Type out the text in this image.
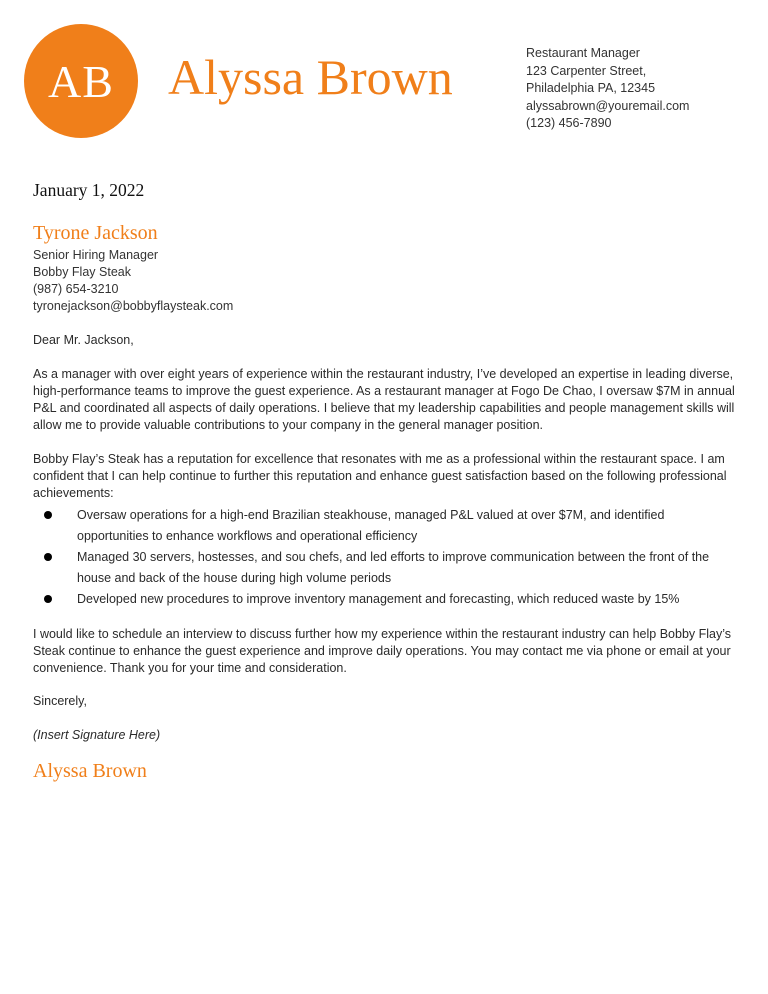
AB Alyssa Brown	Restaurant Manager
123 Carpenter Street,
Philadelphia PA, 12345
alyssabrown@youremail.com
(123) 456-7890
January 1, 2022
Tyrone Jackson
Senior Hiring Manager
Bobby Flay Steak
(987) 654-3210
tyronejackson@bobbyflaysteak.com

Dear Mr. Jackson,

As a manager with over eight years of experience within the restaurant industry, I’ve developed an expertise in leading diverse, high-performance teams to improve the guest experience. As a restaurant manager at Fogo De Chao, I oversaw $7M in annual P&L and coordinated all aspects of daily operations. I believe that my leadership capabilities and people management skills will allow me to provide valuable contributions to your company in the general manager position.

Bobby Flay’s Steak has a reputation for excellence that resonates with me as a professional within the restaurant space. I am confident that I can help continue to further this reputation and enhance guest satisfaction based on the following professional achievements:

Oversaw operations for a high-end Brazilian steakhouse, managed P&L valued at over $7M, and identified opportunities to enhance workflows and operational efficiency
Managed 30 servers, hostesses, and sou chefs, and led efforts to improve communication between the front of the house and back of the house during high volume periods
Developed new procedures to improve inventory management and forecasting, which reduced waste by 15%

I would like to schedule an interview to discuss further how my experience within the restaurant industry can help Bobby Flay’s Steak continue to enhance the guest experience and improve daily operations. You may contact me via phone or email at your convenience. Thank you for your time and consideration.

Sincerely,

(Insert Signature Here)

Alyssa Brown
